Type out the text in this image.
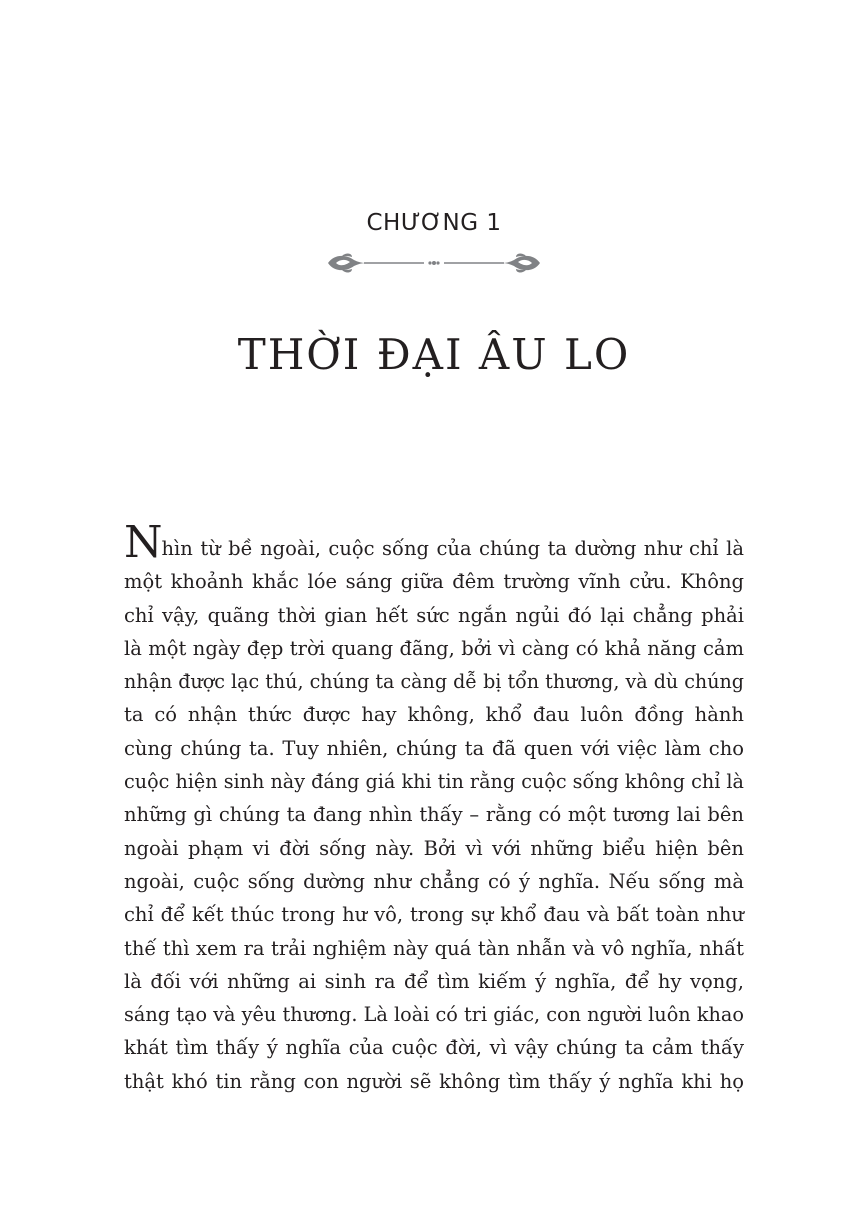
CHƯƠNG 1
THỜI ĐẠI ÂU LO
Nhìn từ bề ngoài, cuộc sống của chúng ta dường như chỉ là
một khoảnh khắc lóe sáng giữa đêm trường vĩnh cửu. Không
chỉ vậy, quãng thời gian hết sức ngắn ngủi đó lại chẳng phải
là một ngày đẹp trời quang đãng, bởi vì càng có khả năng cảm
nhận được lạc thú, chúng ta càng dễ bị tổn thương, và dù chúng
ta có nhận thức được hay không, khổ đau luôn đồng hành
cùng chúng ta. Tuy nhiên, chúng ta đã quen với việc làm cho
cuộc hiện sinh này đáng giá khi tin rằng cuộc sống không chỉ là
những gì chúng ta đang nhìn thấy – rằng có một tương lai bên
ngoài phạm vi đời sống này. Bởi vì với những biểu hiện bên
ngoài, cuộc sống dường như chẳng có ý nghĩa. Nếu sống mà
chỉ để kết thúc trong hư vô, trong sự khổ đau và bất toàn như
thế thì xem ra trải nghiệm này quá tàn nhẫn và vô nghĩa, nhất
là đối với những ai sinh ra để tìm kiếm ý nghĩa, để hy vọng,
sáng tạo và yêu thương. Là loài có tri giác, con người luôn khao
khát tìm thấy ý nghĩa của cuộc đời, vì vậy chúng ta cảm thấy
thật khó tin rằng con người sẽ không tìm thấy ý nghĩa khi họ
